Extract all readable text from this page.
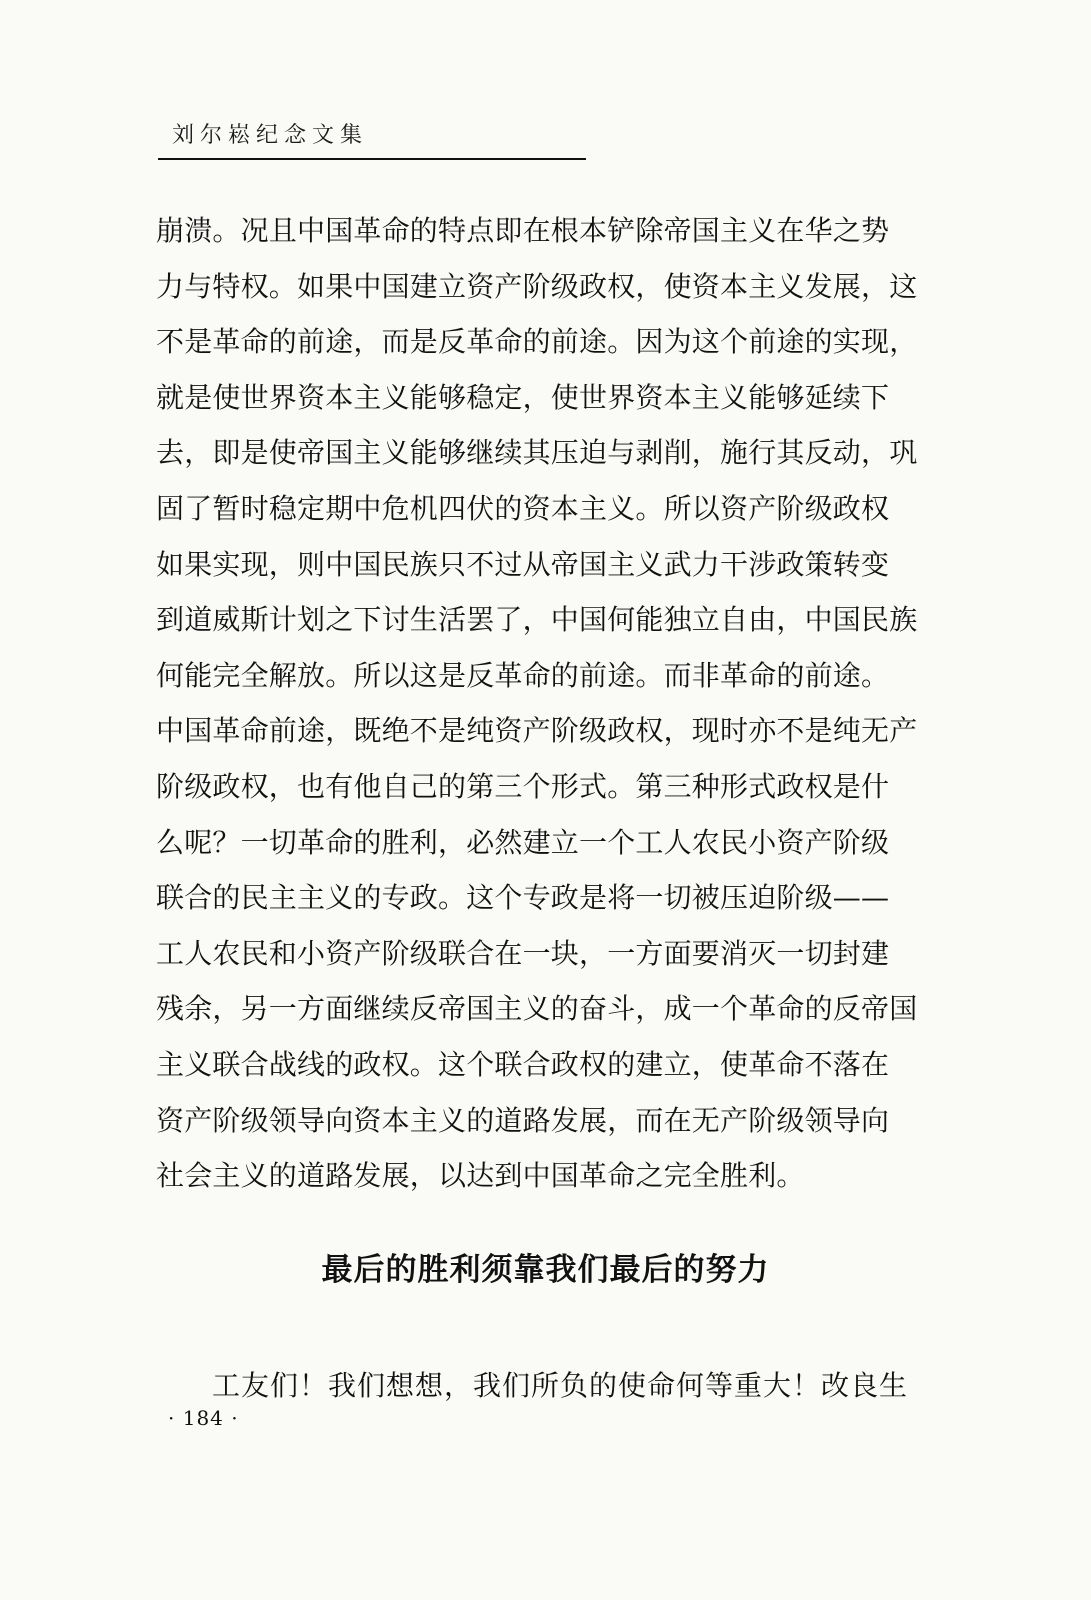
刘尔崧纪念文集
崩溃。况且中国革命的特点即在根本铲除帝国主义在华之势
力与特权。如果中国建立资产阶级政权，使资本主义发展，这
不是革命的前途，而是反革命的前途。因为这个前途的实现，
就是使世界资本主义能够稳定，使世界资本主义能够延续下
去，即是使帝国主义能够继续其压迫与剥削，施行其反动，巩
固了暂时稳定期中危机四伏的资本主义。所以资产阶级政权
如果实现，则中国民族只不过从帝国主义武力干涉政策转变
到道威斯计划之下讨生活罢了，中国何能独立自由，中国民族
何能完全解放。所以这是反革命的前途。而非革命的前途。
中国革命前途，既绝不是纯资产阶级政权，现时亦不是纯无产
阶级政权，也有他自己的第三个形式。第三种形式政权是什
么呢？一切革命的胜利，必然建立一个工人农民小资产阶级
联合的民主主义的专政。这个专政是将一切被压迫阶级——
工人农民和小资产阶级联合在一块，一方面要消灭一切封建
残余，另一方面继续反帝国主义的奋斗，成一个革命的反帝国
主义联合战线的政权。这个联合政权的建立，使革命不落在
资产阶级领导向资本主义的道路发展，而在无产阶级领导向
社会主义的道路发展，以达到中国革命之完全胜利。
最后的胜利须靠我们最后的努力
工友们！我们想想，我们所负的使命何等重大！改良生
· 184 ·
